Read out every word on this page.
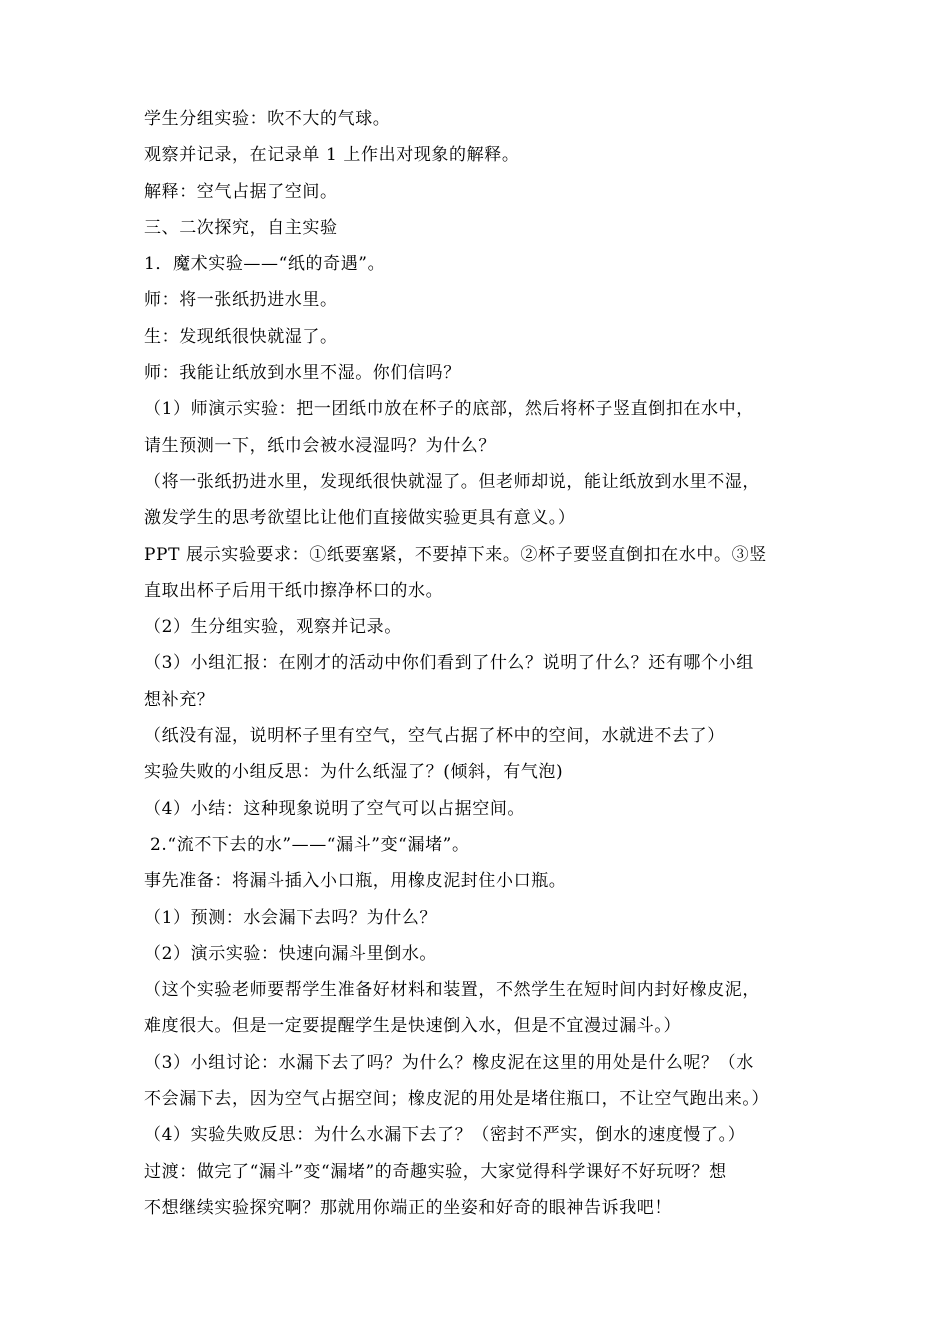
学生分组实验：吹不大的气球。
观察并记录，在记录单 1 上作出对现象的解释。
解释：空气占据了空间。
三、二次探究，自主实验
1．魔术实验——“纸的奇遇”。
师：将一张纸扔进水里。
生：发现纸很快就湿了。
师：我能让纸放到水里不湿。你们信吗？
（1）师演示实验：把一团纸巾放在杯子的底部，然后将杯子竖直倒扣在水中，
请生预测一下，纸巾会被水浸湿吗？为什么？
（将一张纸扔进水里，发现纸很快就湿了。但老师却说，能让纸放到水里不湿，
激发学生的思考欲望比让他们直接做实验更具有意义。）
PPT 展示实验要求：①纸要塞紧，不要掉下来。②杯子要竖直倒扣在水中。③竖
直取出杯子后用干纸巾擦净杯口的水。
（2）生分组实验，观察并记录。
（3）小组汇报：在刚才的活动中你们看到了什么？说明了什么？还有哪个小组
想补充？
（纸没有湿，说明杯子里有空气，空气占据了杯中的空间，水就进不去了）
实验失败的小组反思：为什么纸湿了？(倾斜，有气泡)
（4）小结：这种现象说明了空气可以占据空间。
2.“流不下去的水”——“漏斗”变“漏堵”。
事先准备：将漏斗插入小口瓶，用橡皮泥封住小口瓶。
（1）预测：水会漏下去吗？为什么？
（2）演示实验：快速向漏斗里倒水。
（这个实验老师要帮学生准备好材料和装置，不然学生在短时间内封好橡皮泥，
难度很大。但是一定要提醒学生是快速倒入水，但是不宜漫过漏斗。）
（3）小组讨论：水漏下去了吗？为什么？橡皮泥在这里的用处是什么呢？（水
不会漏下去，因为空气占据空间；橡皮泥的用处是堵住瓶口，不让空气跑出来。）
（4）实验失败反思：为什么水漏下去了？（密封不严实，倒水的速度慢了。）
过渡：做完了“漏斗”变“漏堵”的奇趣实验，大家觉得科学课好不好玩呀？想
不想继续实验探究啊？那就用你端正的坐姿和好奇的眼神告诉我吧！
